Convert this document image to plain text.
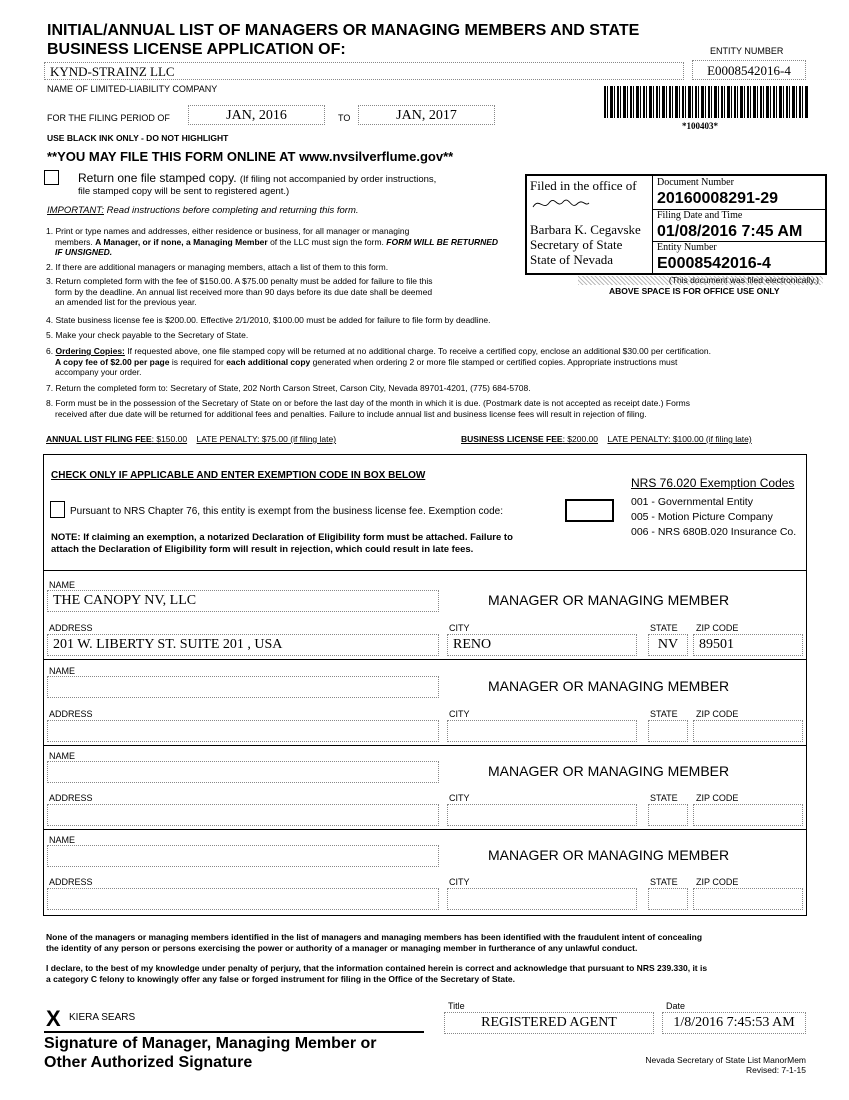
INITIAL/ANNUAL LIST OF MANAGERS OR MANAGING MEMBERS AND STATE
BUSINESS LICENSE APPLICATION OF:	ENTITY NUMBER
E0008542016-4
KYND-STRAINZ LLC
NAME OF LIMITED-LIABILITY COMPANY
FOR THE FILING PERIOD OF	JAN, 2016	TO	JAN, 2017
*100403*
USE BLACK INK ONLY - DO NOT HIGHLIGHT
**YOU MAY FILE THIS FORM ONLINE AT www.nvsilverflume.gov**
Return one file stamped copy. (If filing not accompanied by order instructions,
file stamped copy will be sent to registered agent.)
IMPORTANT: Read instructions before completing and returning this form.
Filed in the office of
Barbara K. Cegavske
Secretary of State
State of Nevada
Document Number
20160008291-29
Filing Date and Time
01/08/2016 7:45 AM
Entity Number
E0008542016-4
(This document was filed electronically.)
ABOVE SPACE IS FOR OFFICE USE ONLY
1. Print or type names and addresses, either residence or business, for all manager or managing
members. A Manager, or if none, a Managing Member of the LLC must sign the form. FORM WILL BE RETURNED IF UNSIGNED.
2. If there are additional managers or managing members, attach a list of them to this form.
3. Return completed form with the fee of $150.00. A $75.00 penalty must be added for failure to file this
form by the deadline. An annual list received more than 90 days before its due date shall be deemed
an amended list for the previous year.
4. State business license fee is $200.00. Effective 2/1/2010, $100.00 must be added for failure to file form by deadline.
5. Make your check payable to the Secretary of State.
6. Ordering Copies: If requested above, one file stamped copy will be returned at no additional charge. To receive a certified copy, enclose an additional $30.00 per certification.
A copy fee of $2.00 per page is required for each additional copy generated when ordering 2 or more file stamped or certified copies. Appropriate instructions must
accompany your order.
7. Return the completed form to: Secretary of State, 202 North Carson Street, Carson City, Nevada 89701-4201, (775) 684-5708.
8. Form must be in the possession of the Secretary of State on or before the last day of the month in which it is due. (Postmark date is not accepted as receipt date.) Forms
received after due date will be returned for additional fees and penalties. Failure to include annual list and business license fees will result in rejection of filing.
ANNUAL LIST FILING FEE: $150.00 LATE PENALTY: $75.00 (if filing late)	BUSINESS LICENSE FEE: $200.00 LATE PENALTY: $100.00 (if filing late)
CHECK ONLY IF APPLICABLE AND ENTER EXEMPTION CODE IN BOX BELOW
Pursuant to NRS Chapter 76, this entity is exempt from the business license fee. Exemption code:
NOTE: If claiming an exemption, a notarized Declaration of Eligibility form must be attached. Failure to
attach the Declaration of Eligibility form will result in rejection, which could result in late fees.
NRS 76.020 Exemption Codes
001 - Governmental Entity
005 - Motion Picture Company
006 - NRS 680B.020 Insurance Co.
NAME
THE CANOPY NV, LLC	MANAGER OR MANAGING MEMBER
ADDRESS
201 W. LIBERTY ST. SUITE 201 , USA
CITY
RENO
STATE
NV
ZIP CODE
89501
NAME
MANAGER OR MANAGING MEMBER
ADDRESS	CITY	STATE ZIP CODE
NAME
MANAGER OR MANAGING MEMBER
ADDRESS	CITY	STATE ZIP CODE
NAME
MANAGER OR MANAGING MEMBER
ADDRESS	CITY	STATE ZIP CODE
None of the managers or managing members identified in the list of managers and managing members has been identified with the fraudulent intent of concealing
the identity of any person or persons exercising the power or authority of a manager or managing member in furtherance of any unlawful conduct.
I declare, to the best of my knowledge under penalty of perjury, that the information contained herein is correct and acknowledge that pursuant to NRS 239.330, it is
a category C felony to knowingly offer any false or forged instrument for filing in the Office of the Secretary of State.
X KIERA SEARS
Signature of Manager, Managing Member or
Other Authorized Signature
Title
REGISTERED AGENT
Date
1/8/2016 7:45:53 AM
Nevada Secretary of State List ManorMem
Revised: 7-1-15
